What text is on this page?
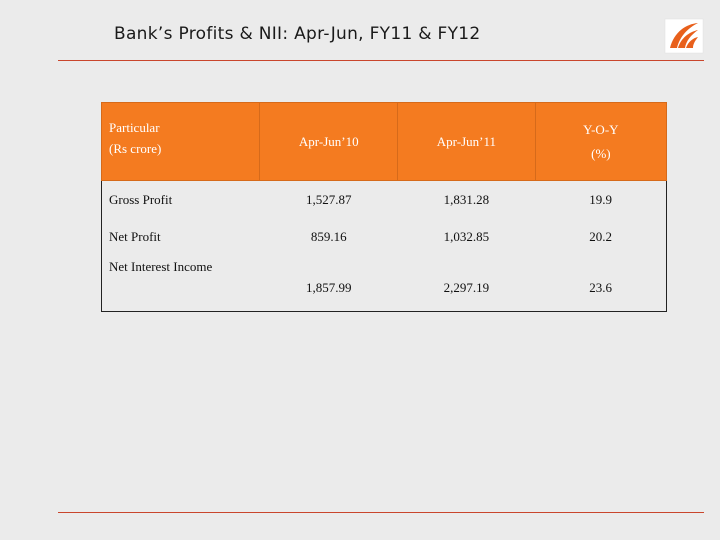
Bank’s Profits & NII: Apr-Jun, FY11 & FY12
Particular
(Rs crore)	Apr-Jun’10	Apr-Jun’11	Y-O-Y
(%)

Gross Profit	1,527.87	1,831.28	19.9
Net Profit	859.16	1,032.85	20.2
Net Interest Income	1,857.99	2,297.19	23.6
